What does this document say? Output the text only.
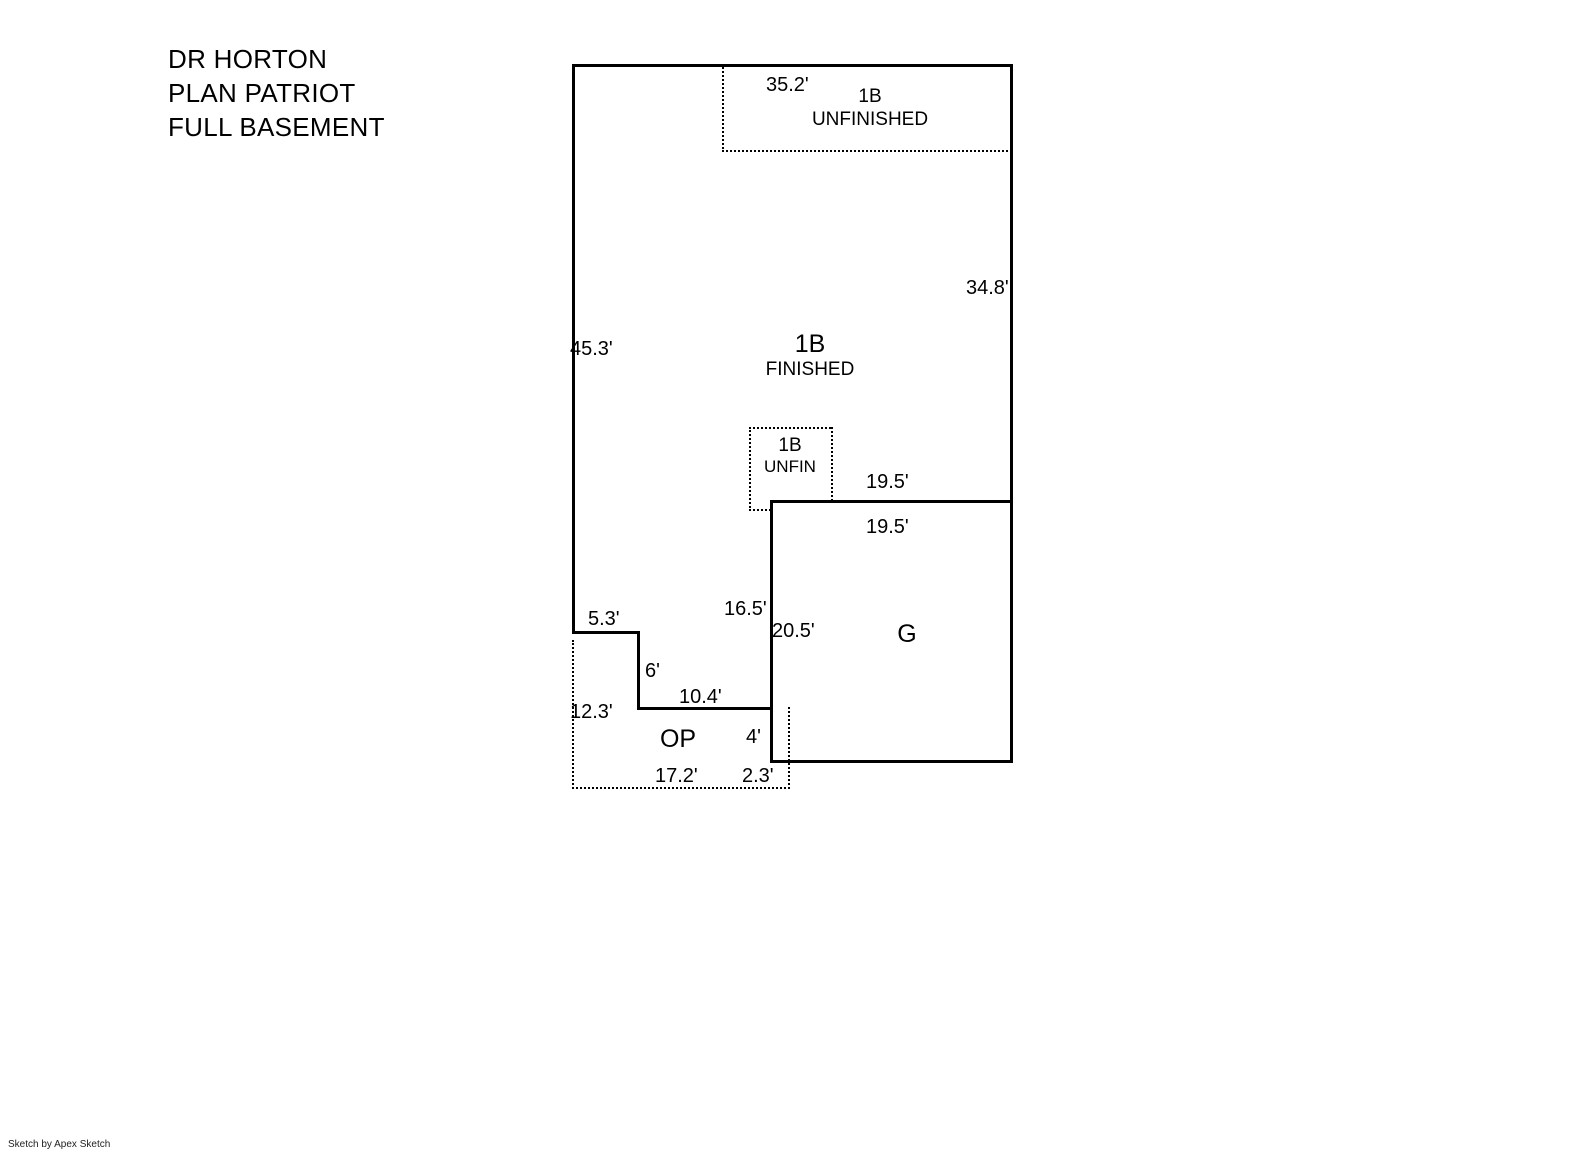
DR HORTON
PLAN PATRIOT
FULL BASEMENT
1B
UNFINISHED
1B
FINISHED
1B
UNFIN
G
OP
35.2'
34.8'
45.3'
19.5'
19.5'
16.5'
20.5'
5.3'
12.3'
6'
10.4'
17.2'
4'
2.3'
Sketch by Apex Sketch
